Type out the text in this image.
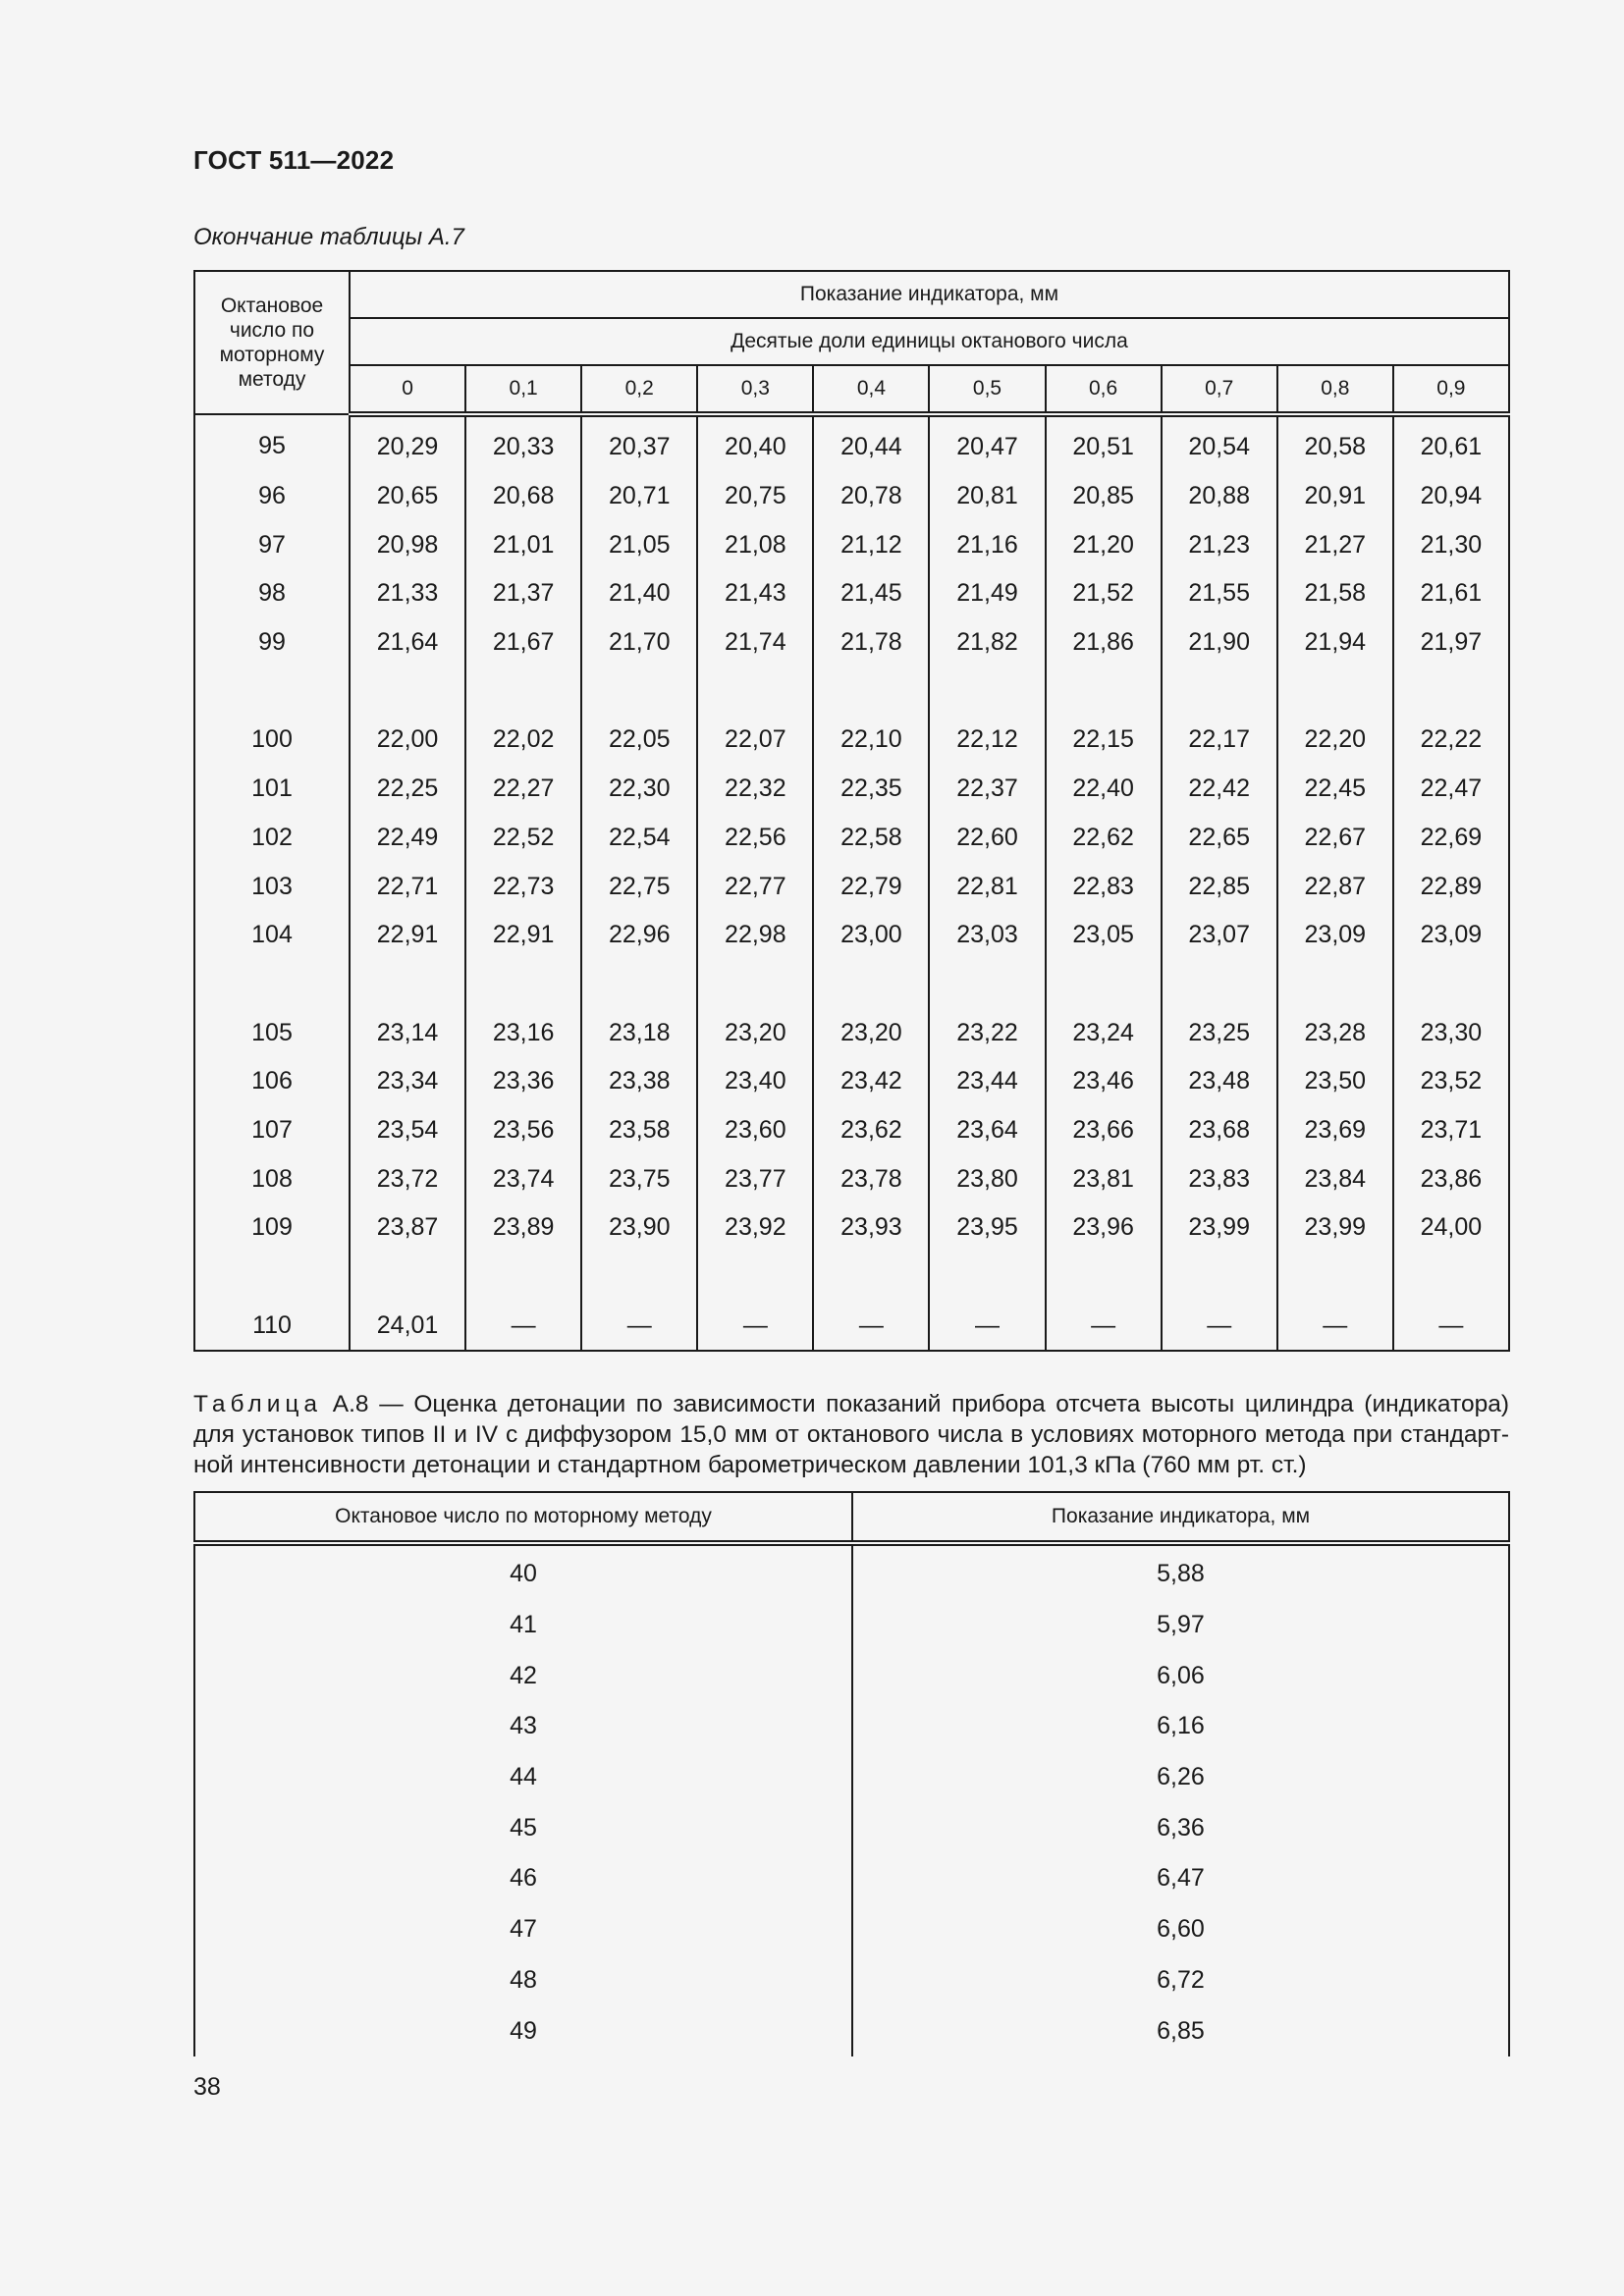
ГОСТ 511—2022
Окончание таблицы А.7
Октановое число по моторному методу	Показание индикатора, мм									
	Десятые доли единицы октанового числа									
	0	0,1	0,2	0,3	0,4	0,5	0,6	0,7	0,8	0,9
95	20,29	20,33	20,37	20,40	20,44	20,47	20,51	20,54	20,58	20,61
96	20,65	20,68	20,71	20,75	20,78	20,81	20,85	20,88	20,91	20,94
97	20,98	21,01	21,05	21,08	21,12	21,16	21,20	21,23	21,27	21,30
98	21,33	21,37	21,40	21,43	21,45	21,49	21,52	21,55	21,58	21,61
99	21,64	21,67	21,70	21,74	21,78	21,82	21,86	21,90	21,94	21,97

100	22,00	22,02	22,05	22,07	22,10	22,12	22,15	22,17	22,20	22,22
101	22,25	22,27	22,30	22,32	22,35	22,37	22,40	22,42	22,45	22,47
102	22,49	22,52	22,54	22,56	22,58	22,60	22,62	22,65	22,67	22,69
103	22,71	22,73	22,75	22,77	22,79	22,81	22,83	22,85	22,87	22,89
104	22,91	22,91	22,96	22,98	23,00	23,03	23,05	23,07	23,09	23,09

105	23,14	23,16	23,18	23,20	23,20	23,22	23,24	23,25	23,28	23,30
106	23,34	23,36	23,38	23,40	23,42	23,44	23,46	23,48	23,50	23,52
107	23,54	23,56	23,58	23,60	23,62	23,64	23,66	23,68	23,69	23,71
108	23,72	23,74	23,75	23,77	23,78	23,80	23,81	23,83	23,84	23,86
109	23,87	23,89	23,90	23,92	23,93	23,95	23,96	23,99	23,99	24,00

110	24,01	—	—	—	—	—	—	—	—	—
Таблица А.8 — Оценка детонации по зависимости показаний прибора отсчета высоты цилиндра (индикатора) для установок типов II и IV с диффузором 15,0 мм от октанового числа в условиях моторного метода при стандартной интенсивности детонации и стандартном барометрическом давлении 101,3 кПа (760 мм рт. ст.)
Октановое число по моторному методу	Показание индикатора, мм
40	5,88
41	5,97
42	6,06
43	6,16
44	6,26
45	6,36
46	6,47
47	6,60
48	6,72
49	6,85
38
